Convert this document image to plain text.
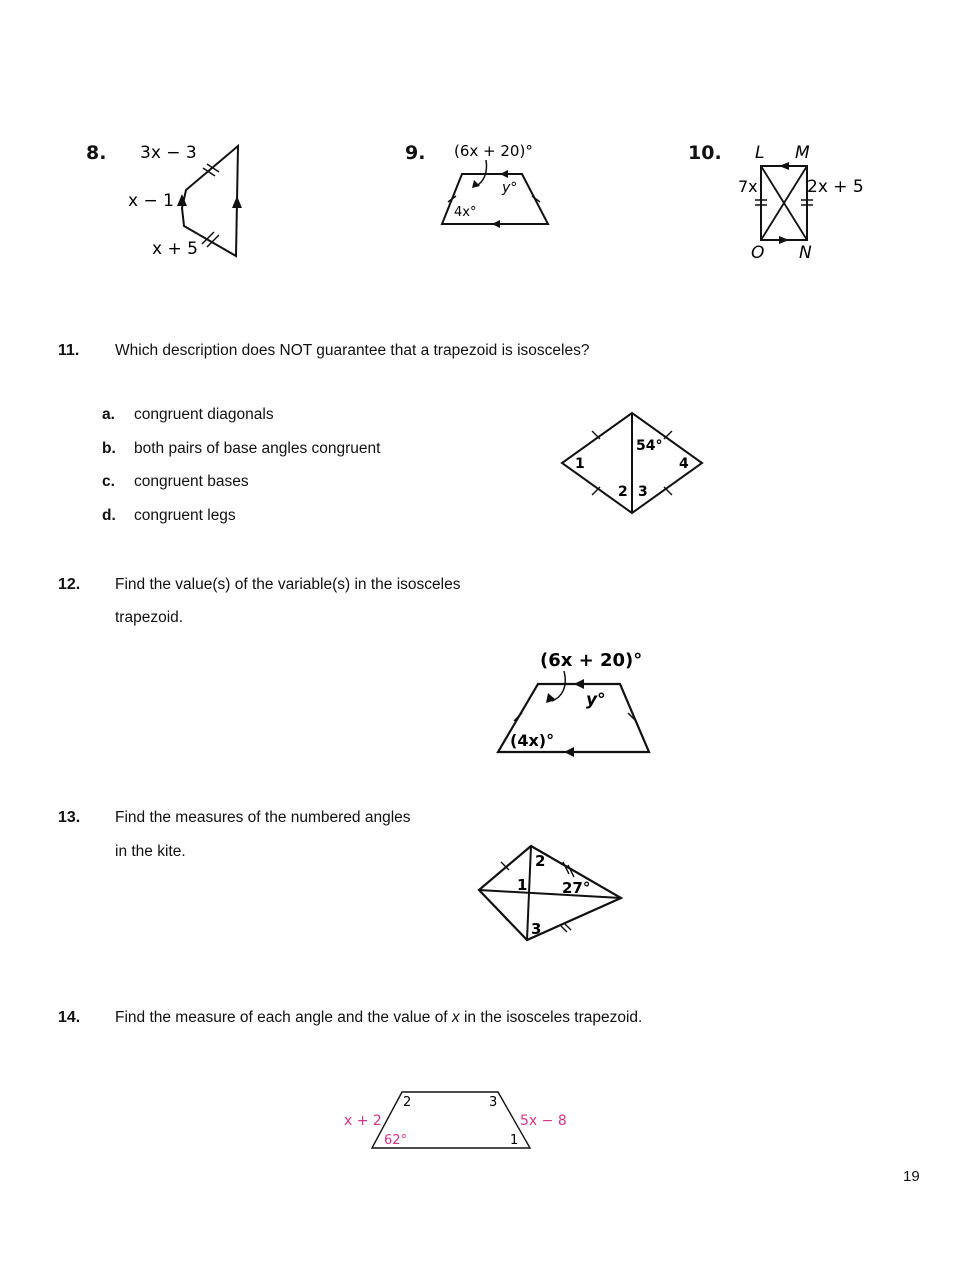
8. 3x − 3
x − 1
x + 5
9. (6x + 20)°
y°
4x°
10. L M
O N
7x	2x + 5
11. Which description does NOT guarantee that a trapezoid is isosceles?
a. congruent diagonals
b. both pairs of base angles congruent
c. congruent bases
d. congruent legs
54°
1	4
2 3
12. Find the value(s) of the variable(s) in the isosceles
trapezoid.
(6x + 20)°
y°
(4x)°
13. Find the measures of the numbered angles
in the kite.
2
1 27°
3
14. Find the measure of each angle and the value of x in the isosceles trapezoid.
x + 2	5x − 8
62°
2	3
1
19
